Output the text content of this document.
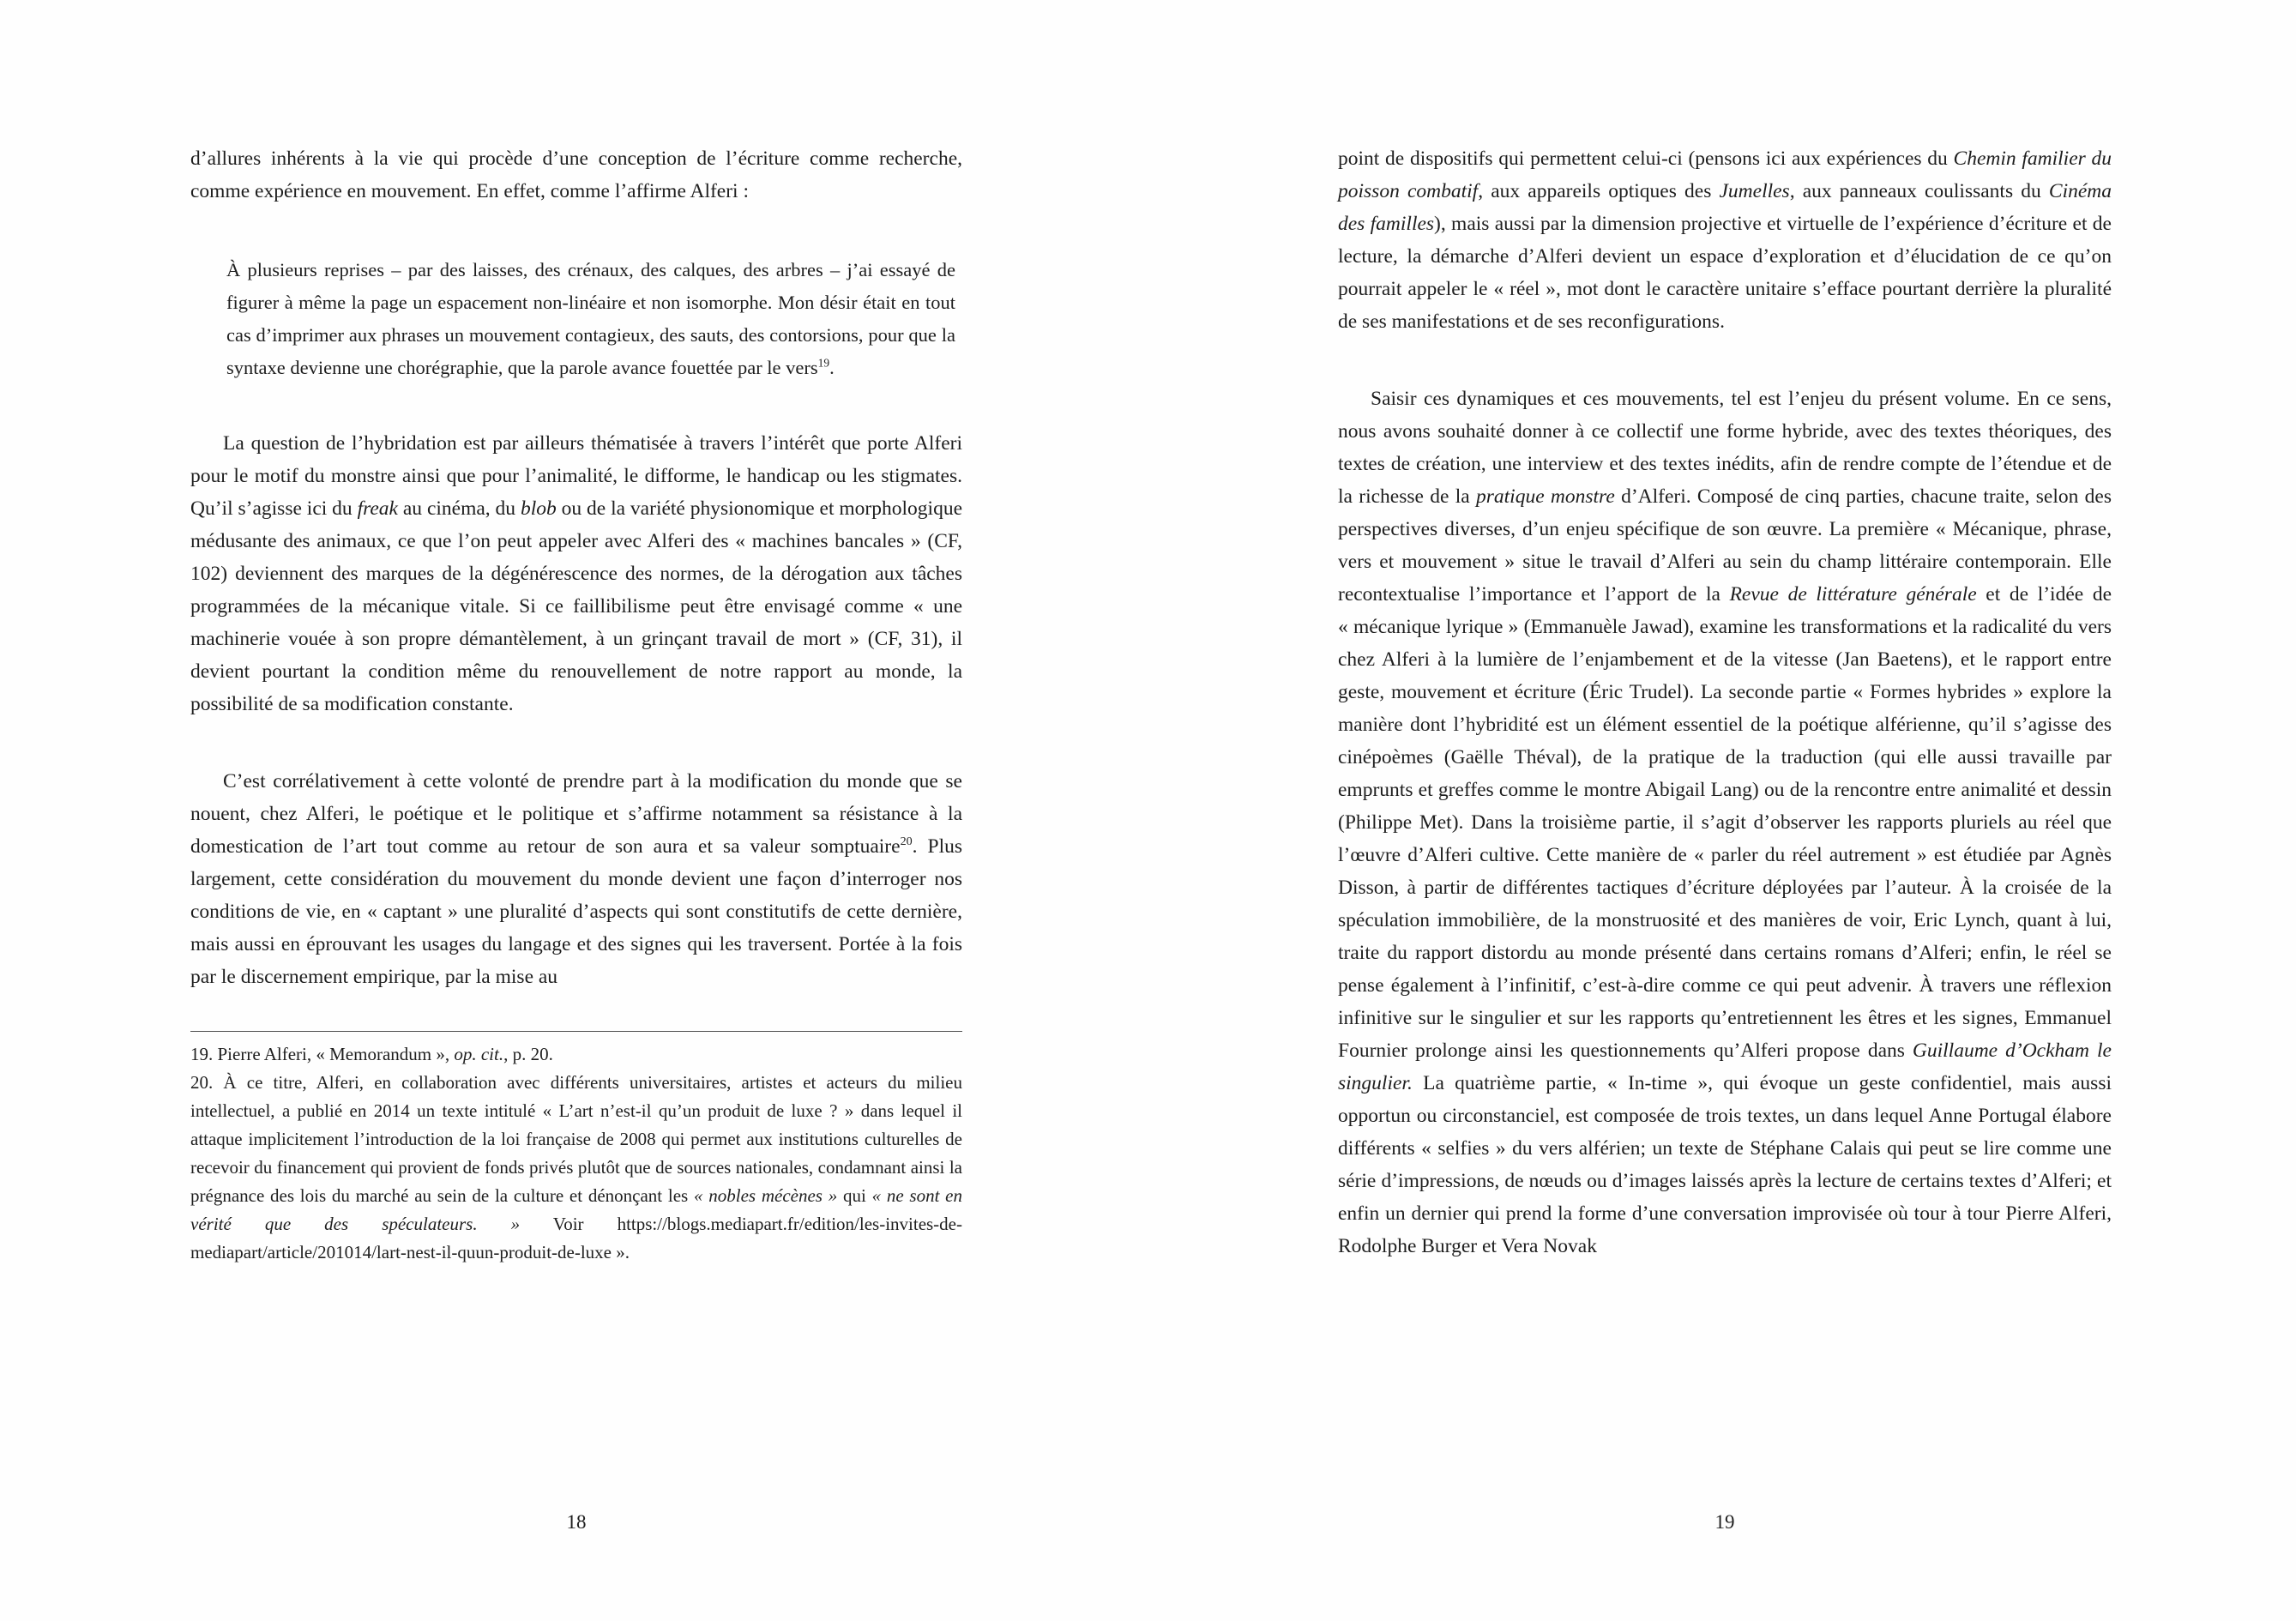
d’allures inhérents à la vie qui procède d’une conception de l’écriture comme recherche, comme expérience en mouvement. En effet, comme l’affirme Alferi :

À plusieurs reprises – par des laisses, des crénaux, des calques, des arbres – j’ai essayé de figurer à même la page un espacement non-linéaire et non isomorphe. Mon désir était en tout cas d’imprimer aux phrases un mouvement contagieux, des sauts, des contorsions, pour que la syntaxe devienne une chorégraphie, que la parole avance fouettée par le vers$^{19}$.

La question de l’hybridation est par ailleurs thématisée à travers l’intérêt que porte Alferi pour le motif du monstre ainsi que pour l’animalité, le difforme, le handicap ou les stigmates. Qu’il s’agisse ici du freak au cinéma, du blob ou de la variété physionomique et morphologique médusante des animaux, ce que l’on peut appeler avec Alferi des « machines bancales » (CF, 102) deviennent des marques de la dégénérescence des normes, de la dérogation aux tâches programmées de la mécanique vitale. Si ce faillibilisme peut être envisagé comme « une machinerie vouée à son propre démantèlement, à un grinçant travail de mort » (CF, 31), il devient pourtant la condition même du renouvellement de notre rapport au monde, la possibilité de sa modification constante.

C’est corrélativement à cette volonté de prendre part à la modification du monde que se nouent, chez Alferi, le poétique et le politique et s’affirme notamment sa résistance à la domestication de l’art tout comme au retour de son aura et sa valeur somptuaire$^{20}$. Plus largement, cette considération du mouvement du monde devient une façon d’interroger nos conditions de vie, en « captant » une pluralité d’aspects qui sont constitutifs de cette dernière, mais aussi en éprouvant les usages du langage et des signes qui les traversent. Portée à la fois par le discernement empirique, par la mise au

19. Pierre Alferi, « Memorandum », op. cit., p. 20.

20. À ce titre, Alferi, en collaboration avec différents universitaires, artistes et acteurs du milieu intellectuel, a publié en 2014 un texte intitulé « L’art n’est-il qu’un produit de luxe ? » dans lequel il attaque implicitement l’introduction de la loi française de 2008 qui permet aux institutions culturelles de recevoir du financement qui provient de fonds privés plutôt que de sources nationales, condamnant ainsi la prégnance des lois du marché au sein de la culture et dénonçant les « nobles mécènes » qui « ne sont en vérité que des spéculateurs. » Voir https://blogs.mediapart.fr/edition/les-invites-de-mediapart/article/201014/lart-nest-il-quun-produit-de-luxe ».

18

point de dispositifs qui permettent celui-ci (pensons ici aux expériences du Chemin familier du poisson combatif, aux appareils optiques des Jumelles, aux panneaux coulissants du Cinéma des familles), mais aussi par la dimension projective et virtuelle de l’expérience d’écriture et de lecture, la démarche d’Alferi devient un espace d’exploration et d’élucidation de ce qu’on pourrait appeler le « réel », mot dont le caractère unitaire s’efface pourtant derrière la pluralité de ses manifestations et de ses reconfigurations.

Saisir ces dynamiques et ces mouvements, tel est l’enjeu du présent volume. En ce sens, nous avons souhaité donner à ce collectif une forme hybride, avec des textes théoriques, des textes de création, une interview et des textes inédits, afin de rendre compte de l’étendue et de la richesse de la pratique monstre d’Alferi. Composé de cinq parties, chacune traite, selon des perspectives diverses, d’un enjeu spécifique de son œuvre. La première « Mécanique, phrase, vers et mouvement » situe le travail d’Alferi au sein du champ littéraire contemporain. Elle recontextualise l’importance et l’apport de la Revue de littérature générale et de l’idée de « mécanique lyrique » (Emmanuèle Jawad), examine les transformations et la radicalité du vers chez Alferi à la lumière de l’enjambement et de la vitesse (Jan Baetens), et le rapport entre geste, mouvement et écriture (Éric Trudel). La seconde partie « Formes hybrides » explore la manière dont l’hybridité est un élément essentiel de la poétique alférienne, qu’il s’agisse des cinépoèmes (Gaëlle Théval), de la pratique de la traduction (qui elle aussi travaille par emprunts et greffes comme le montre Abigail Lang) ou de la rencontre entre animalité et dessin (Philippe Met). Dans la troisième partie, il s’agit d’observer les rapports pluriels au réel que l’œuvre d’Alferi cultive. Cette manière de « parler du réel autrement » est étudiée par Agnès Disson, à partir de différentes tactiques d’écriture déployées par l’auteur. À la croisée de la spéculation immobilière, de la monstruosité et des manières de voir, Eric Lynch, quant à lui, traite du rapport distordu au monde présenté dans certains romans d’Alferi; enfin, le réel se pense également à l’infinitif, c’est-à-dire comme ce qui peut advenir. À travers une réflexion infinitive sur le singulier et sur les rapports qu’entretiennent les êtres et les signes, Emmanuel Fournier prolonge ainsi les questionnements qu’Alferi propose dans Guillaume d’Ockham le singulier. La quatrième partie, « In-time », qui évoque un geste confidentiel, mais aussi opportun ou circonstanciel, est composée de trois textes, un dans lequel Anne Portugal élabore différents « selfies » du vers alférien; un texte de Stéphane Calais qui peut se lire comme une série d’impressions, de nœuds ou d’images laissés après la lecture de certains textes d’Alferi; et enfin un dernier qui prend la forme d’une conversation improvisée où tour à tour Pierre Alferi, Rodolphe Burger et Vera Novak

19
